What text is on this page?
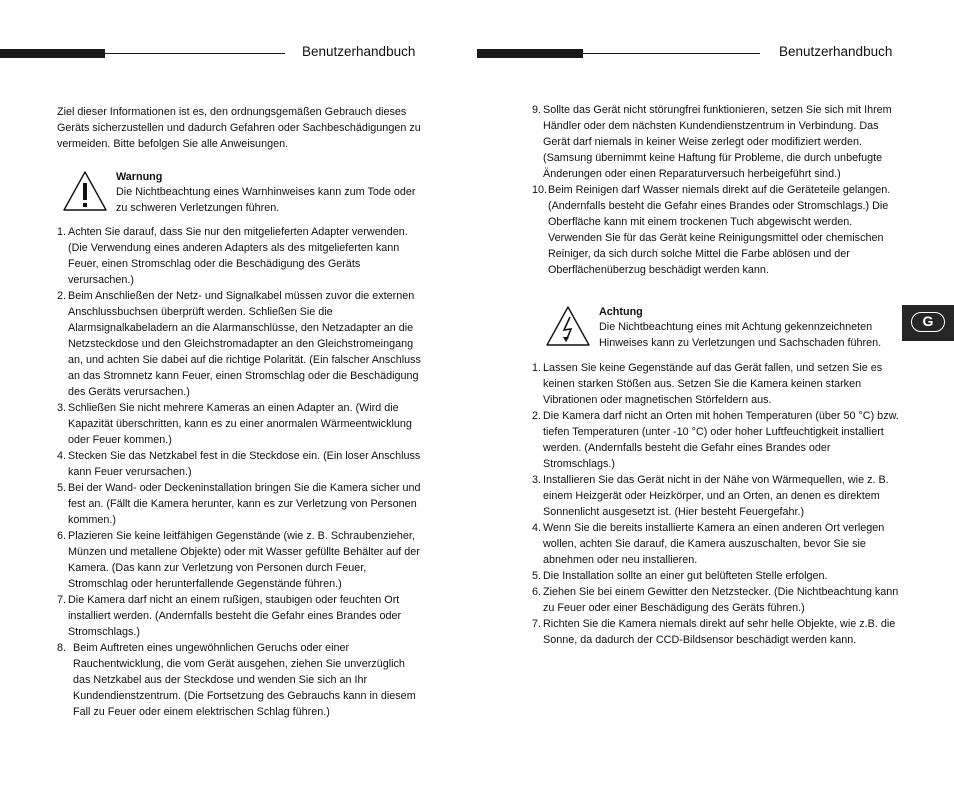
Benutzerhandbuch

Ziel dieser Informationen ist es, den ordnungsgemäßen Gebrauch dieses Geräts sicherzustellen und dadurch Gefahren oder Sachbeschädigungen zu vermeiden. Bitte befolgen Sie alle Anweisungen.

Warnung

Die Nichtbeachtung eines Warnhinweises kann zum Tode oder zu schweren Verletzungen führen.

1. Achten Sie darauf, dass Sie nur den mitgelieferten Adapter verwenden. (Die Verwendung eines anderen Adapters als des mitgelieferten kann Feuer, einen Stromschlag oder die Beschädigung des Geräts verursachen.)
2. Beim Anschließen der Netz- und Signalkabel müssen zuvor die externen Anschlussbuchsen überprüft werden. Schließen Sie die Alarmsignalkabeladern an die Alarmanschlüsse, den Netzadapter an die Netzsteckdose und den Gleichstromadapter an den Gleichstromeingang an, und achten Sie dabei auf die richtige Polarität. (Ein falscher Anschluss an das Stromnetz kann Feuer, einen Stromschlag oder die Beschädigung des Geräts verursachen.)
3. Schließen Sie nicht mehrere Kameras an einen Adapter an. (Wird die Kapazität überschritten, kann es zu einer anormalen Wärmeentwicklung oder Feuer kommen.)
4. Stecken Sie das Netzkabel fest in die Steckdose ein. (Ein loser Anschluss kann Feuer verursachen.)
5. Bei der Wand- oder Deckeninstallation bringen Sie die Kamera sicher und fest an. (Fällt die Kamera herunter, kann es zur Verletzung von Personen kommen.)
6. Plazieren Sie keine leitfähigen Gegenstände (wie z. B. Schraubenzieher, Münzen und metallene Objekte) oder mit Wasser gefüllte Behälter auf der Kamera. (Das kann zur Verletzung von Personen durch Feuer, Stromschlag oder herunterfallende Gegenstände führen.)
7. Die Kamera darf nicht an einem rußigen, staubigen oder feuchten Ort installiert werden. (Andernfalls besteht die Gefahr eines Brandes oder Stromschlags.)
8. Beim Auftreten eines ungewöhnlichen Geruchs oder einer Rauchentwicklung, die vom Gerät ausgehen, ziehen Sie unverzüglich das Netzkabel aus der Steckdose und wenden Sie sich an Ihr Kundendienstzentrum. (Die Fortsetzung des Gebrauchs kann in diesem Fall zu Feuer oder einem elektrischen Schlag führen.)
Benutzerhandbuch
9. Sollte das Gerät nicht störungfrei funktionieren, setzen Sie sich mit Ihrem Händler oder dem nächsten Kundendienstzentrum in Verbindung. Das Gerät darf niemals in keiner Weise zerlegt oder modifiziert werden. (Samsung übernimmt keine Haftung für Probleme, die durch unbefugte Änderungen oder einen Reparaturversuch herbeigeführt sind.)
10. Beim Reinigen darf Wasser niemals direkt auf die Geräteteile gelangen. (Andernfalls besteht die Gefahr eines Brandes oder Stromschlags.) Die Oberfläche kann mit einem trockenen Tuch abgewischt werden. Verwenden Sie für das Gerät keine Reinigungsmittel oder chemischen Reiniger, da sich durch solche Mittel die Farbe ablösen und der Oberflächenüberzug beschädigt werden kann.

Achtung

Die Nichtbeachtung eines mit Achtung gekennzeichneten Hinweises kann zu Verletzungen und Sachschaden führen.

1. Lassen Sie keine Gegenstände auf das Gerät fallen, und setzen Sie es keinen starken Stößen aus. Setzen Sie die Kamera keinen starken Vibrationen oder magnetischen Störfeldern aus.
2. Die Kamera darf nicht an Orten mit hohen Temperaturen (über 50 °C) bzw. tiefen Temperaturen (unter -10 °C) oder hoher Luftfeuchtigkeit installiert werden. (Andernfalls besteht die Gefahr eines Brandes oder Stromschlags.)
3. Installieren Sie das Gerät nicht in der Nähe von Wärmequellen, wie z. B. einem Heizgerät oder Heizkörper, und an Orten, an denen es direktem Sonnenlicht ausgesetzt ist. (Hier besteht Feuergefahr.)
4. Wenn Sie die bereits installierte Kamera an einen anderen Ort verlegen wollen, achten Sie darauf, die Kamera auszuschalten, bevor Sie sie abnehmen oder neu installieren.
5. Die Installation sollte an einer gut belüfteten Stelle erfolgen.
6. Ziehen Sie bei einem Gewitter den Netzstecker. (Die Nichtbeachtung kann zu Feuer oder einer Beschädigung des Geräts führen.)
7. Richten Sie die Kamera niemals direkt auf sehr helle Objekte, wie z.B. die Sonne, da dadurch der CCD-Bildsensor beschädigt werden kann.
G
